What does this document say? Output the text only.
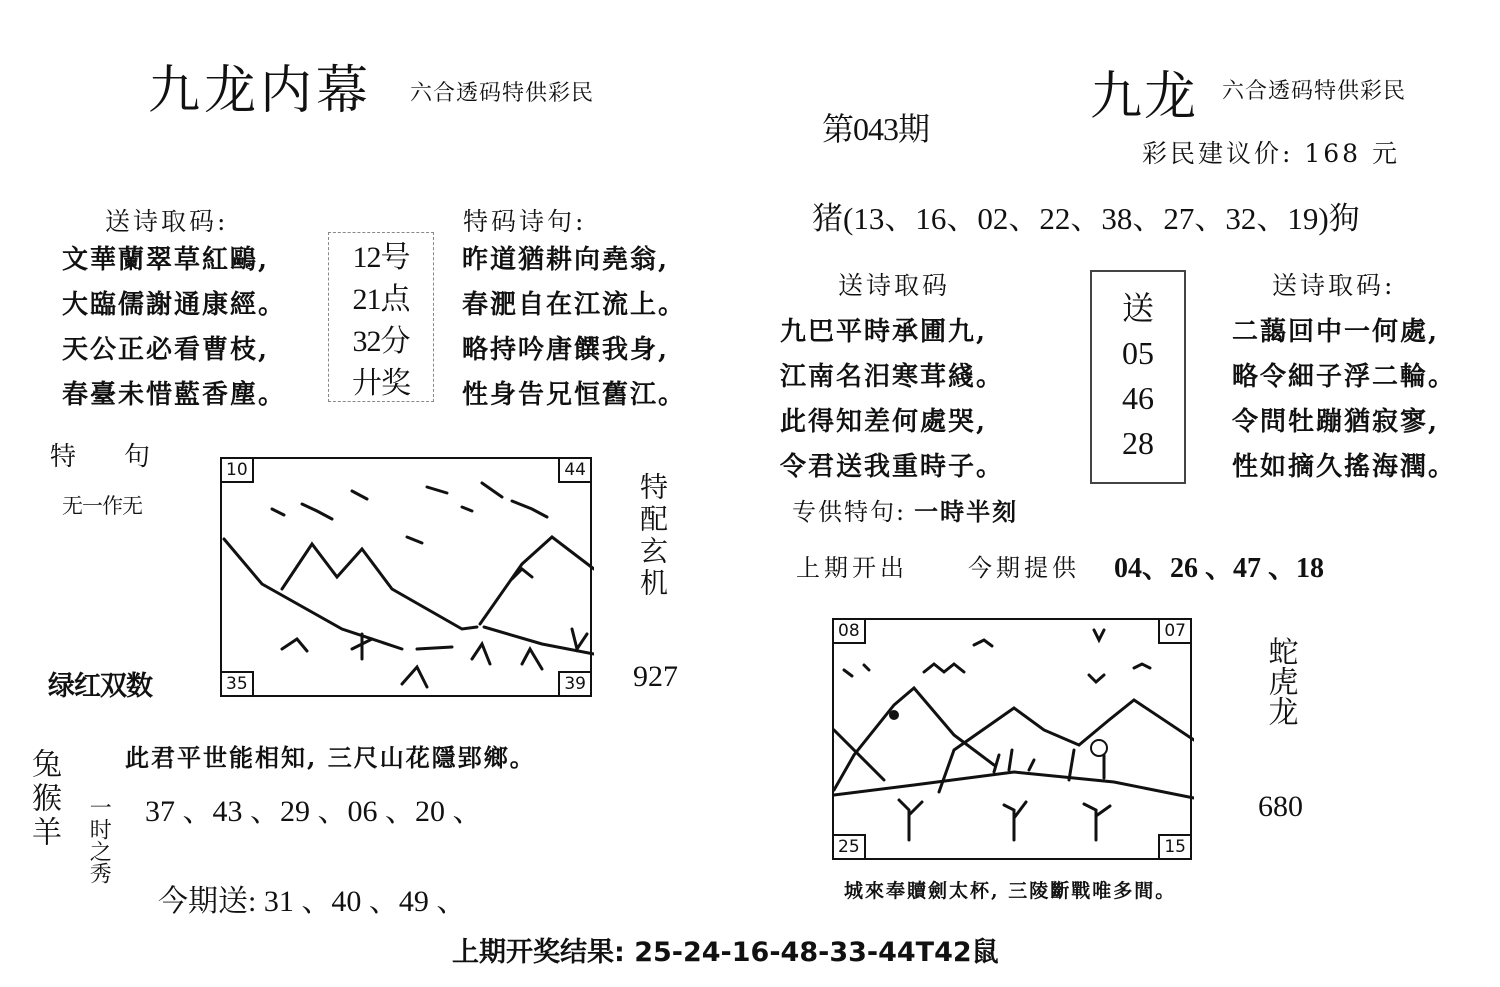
九龙内幕 六合透码特供彩民	九龙 六合透码特供彩民
第043期
彩民建议价: 168 元
猪(13、16、02、22、38、27、32、19)狗
送诗取码:	特码诗句:
文華蘭翠草紅鷗,
大臨儒謝通康經。
天公正必看曹枝,
春臺未惜藍香塵。
12号
21点
32分
廾奖
昨道猶耕向堯翁,
春淝自在江流上。
略持吟唐饌我身,
性身告兄恒舊江。
特 句
无一作无
绿红双数
10	44
35	39
特配玄机
927
兔猴羊 一时之秀
此君平世能相知, 三尺山花隱郢鄉。
37 、43 、29 、06 、20 、
今期送: 31 、40 、49 、
送诗取码	送诗取码:
九巴平時承圃九,
江南名汨寒茸綫。
此得知差何處哭,
令君送我重時子。
送
05
46
28
二藹回中一何處,
略令細子浮二輪。
令問牡蹦猶寂寥,
性如摘久搖海潤。
专供特句: 一時半刻
上期开出	今期提供 04、26 、47 、18
08	07
25	15
城來奉贖劍太杯, 三陵斷戰唯多間。
蛇虎龙
680
上期开奖结果: 25-24-16-48-33-44T42鼠
